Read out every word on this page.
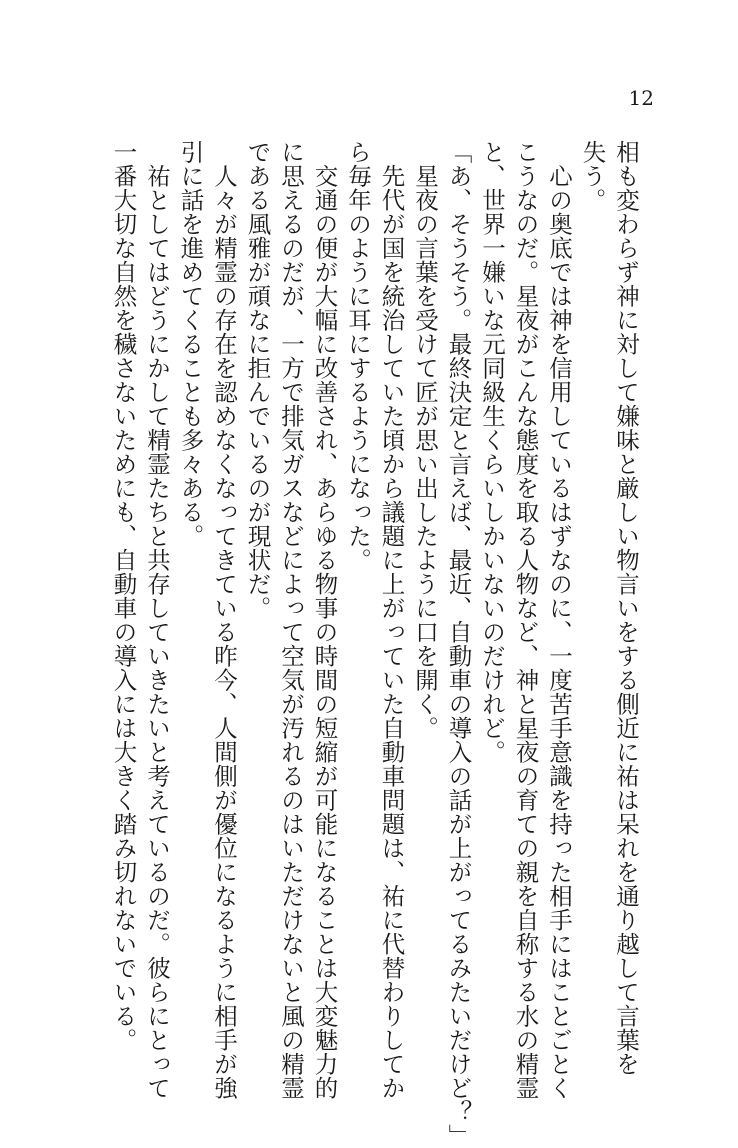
12

相も変わらず神に対して嫌味と厳しい物言いをする側近に祐は呆れを通り越して言葉を

失う。

　心の奥底では神を信用しているはずなのに、一度苦手意識を持った相手にはことごとく

こうなのだ。星夜がこんな態度を取る人物など、神と星夜の育ての親を自称する水の精霊

と、世界一嫌いな元同級生くらいしかいないのだけれど。

「あ、そうそう。最終決定と言えば、最近、自動車の導入の話が上がってるみたいだけど？」

　星夜の言葉を受けて匠が思い出したように口を開く。

　先代が国を統治していた頃から議題に上がっていた自動車問題は、祐に代替わりしてか

ら毎年のように耳にするようになった。

　交通の便が大幅に改善され、あらゆる物事の時間の短縮が可能になることは大変魅力的

に思えるのだが、一方で排気ガスなどによって空気が汚れるのはいただけないと風の精霊

である風雅が頑なに拒んでいるのが現状だ。

　人々が精霊の存在を認めなくなってきている昨今、人間側が優位になるように相手が強

引に話を進めてくることも多々ある。

　祐としてはどうにかして精霊たちと共存していきたいと考えているのだ。彼らにとって

一番大切な自然を穢さないためにも、自動車の導入には大きく踏み切れないでいる。
